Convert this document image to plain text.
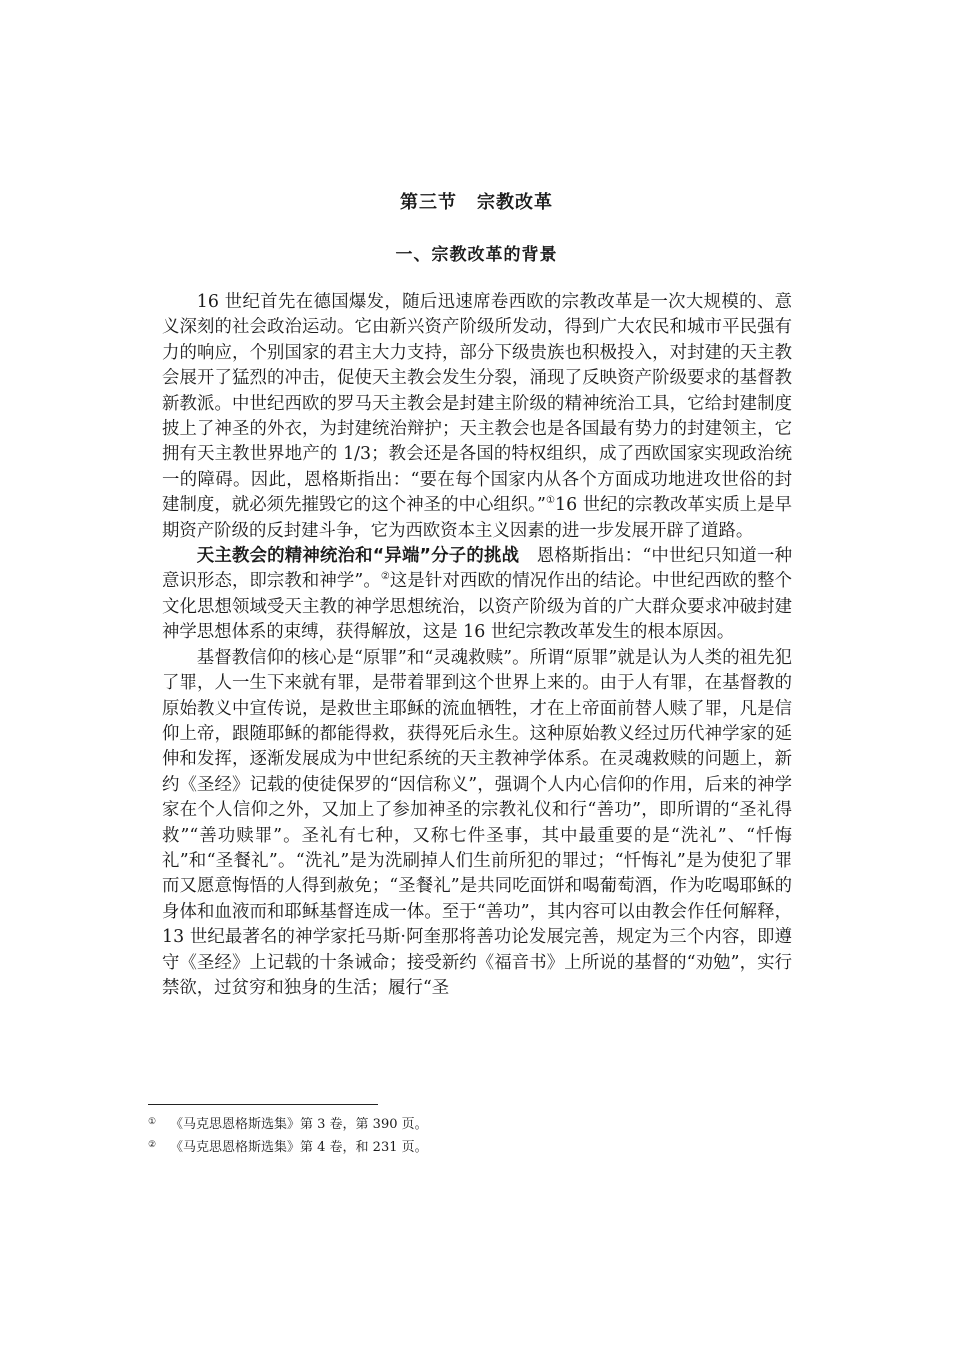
第三节 宗教改革
一、宗教改革的背景

16 世纪首先在德国爆发，随后迅速席卷西欧的宗教改革是一次大规模的、意义深刻的社会政治运动。它由新兴资产阶级所发动，得到广大农民和城市平民强有力的响应，个别国家的君主大力支持，部分下级贵族也积极投入，对封建的天主教会展开了猛烈的冲击，促使天主教会发生分裂，涌现了反映资产阶级要求的基督教新教派。中世纪西欧的罗马天主教会是封建主阶级的精神统治工具，它给封建制度披上了神圣的外衣，为封建统治辩护；天主教会也是各国最有势力的封建领主，它拥有天主教世界地产的 1/3；教会还是各国的特权组织，成了西欧国家实现政治统一的障碍。因此，恩格斯指出：“要在每个国家内从各个方面成功地进攻世俗的封建制度，就必须先摧毁它的这个神圣的中心组织。”①16 世纪的宗教改革实质上是早期资产阶级的反封建斗争，它为西欧资本主义因素的进一步发展开辟了道路。

天主教会的精神统治和“异端”分子的挑战　恩格斯指出：“中世纪只知道一种意识形态，即宗教和神学”。②这是针对西欧的情况作出的结论。中世纪西欧的整个文化思想领域受天主教的神学思想统治，以资产阶级为首的广大群众要求冲破封建神学思想体系的束缚，获得解放，这是 16 世纪宗教改革发生的根本原因。

基督教信仰的核心是“原罪”和“灵魂救赎”。所谓“原罪”就是认为人类的祖先犯了罪，人一生下来就有罪，是带着罪到这个世界上来的。由于人有罪，在基督教的原始教义中宣传说，是救世主耶稣的流血牺牲，才在上帝面前替人赎了罪，凡是信仰上帝，跟随耶稣的都能得救，获得死后永生。这种原始教义经过历代神学家的延伸和发挥，逐渐发展成为中世纪系统的天主教神学体系。在灵魂救赎的问题上，新约《圣经》记载的使徒保罗的“因信称义”，强调个人内心信仰的作用，后来的神学家在个人信仰之外，又加上了参加神圣的宗教礼仪和行“善功”，即所谓的“圣礼得救”“善功赎罪”。圣礼有七种，又称七件圣事，其中最重要的是“洗礼”、“忏悔礼”和“圣餐礼”。“洗礼”是为洗刷掉人们生前所犯的罪过；“忏悔礼”是为使犯了罪而又愿意悔悟的人得到赦免；“圣餐礼”是共同吃面饼和喝葡萄酒，作为吃喝耶稣的身体和血液而和耶稣基督连成一体。至于“善功”，其内容可以由教会作任何解释，13 世纪最著名的神学家托马斯·阿奎那将善功论发展完善，规定为三个内容，即遵守《圣经》上记载的十条诫命；接受新约《福音书》上所说的基督的“劝勉”，实行禁欲，过贫穷和独身的生活；履行“圣

①	《马克思恩格斯选集》第 3 卷，第 390 页。
②	《马克思恩格斯选集》第 4 卷，和 231 页。
